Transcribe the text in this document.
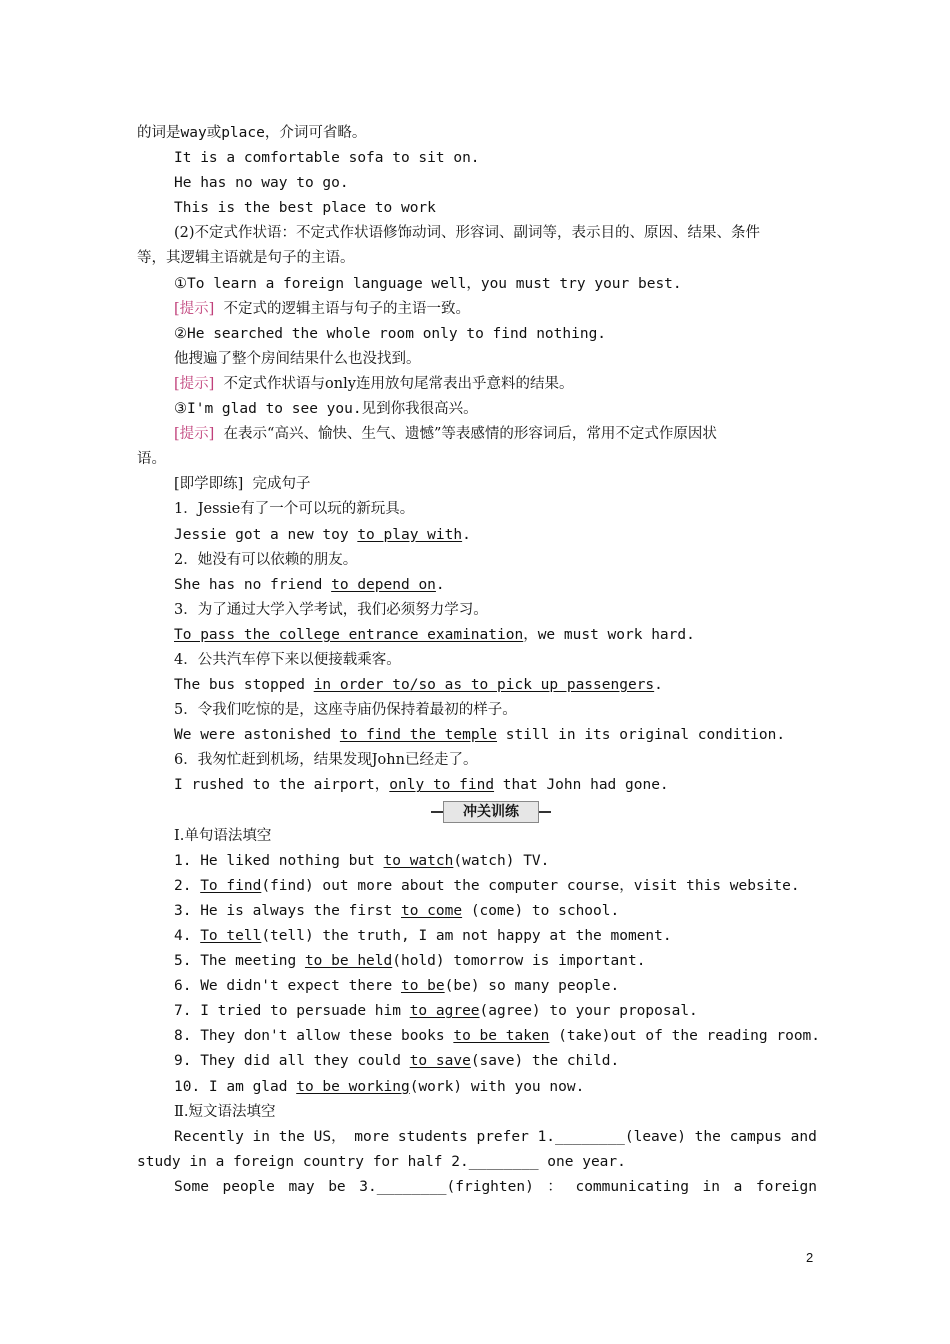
的词是way或place，介词可省略。
It is a comfortable sofa to sit on.
He has no way to go.
This is the best place to work
(2)不定式作状语：不定式作状语修饰动词、形容词、副词等，表示目的、原因、结果、条件
等，其逻辑主语就是句子的主语。
①To learn a foreign language well，you must try your best.
[提示]  不定式的逻辑主语与句子的主语一致。
②He searched the whole room only to find nothing.
他搜遍了整个房间结果什么也没找到。
[提示]  不定式作状语与only连用放句尾常表出乎意料的结果。
③I'm glad to see you.见到你我很高兴。
[提示]  在表示“高兴、愉快、生气、遗憾”等表感情的形容词后，常用不定式作原因状
语。
[即学即练]  完成句子
1．Jessie有了一个可以玩的新玩具。
Jessie got a new toy to play with.
2．她没有可以依赖的朋友。
She has no friend to depend on.
3．为了通过大学入学考试，我们必须努力学习。
To pass the college entrance examination，we must work hard.
4．公共汽车停下来以便接载乘客。
The bus stopped in order to/so as to pick up passengers.
5．令我们吃惊的是，这座寺庙仍保持着最初的样子。
We were astonished to find the temple still in its original condition.
6．我匆忙赶到机场，结果发现John已经走了。
I rushed to the airport，only to find that John had gone.

冲关训练

Ⅰ.单句语法填空
1. He liked nothing but to watch(watch) TV.
2. To find(find) out more about the computer course，visit this website.
3. He is always the first to come (come) to school.
4. To tell(tell) the truth, I am not happy at the moment.
5. The meeting to be held(hold) tomorrow is important.
6. We didn't expect there to be(be) so many people.
7. I tried to persuade him to agree(agree) to your proposal.
8. They don't allow these books to be taken (take)out of the reading room.
9. They did all they could to save(save) the child.
10. I am glad to be working(work) with you now.
Ⅱ.短文语法填空
Recently in the US， more students prefer 1.________(leave) the campus and
study in a foreign country for half 2.________ one year.
Some people may be 3.________(frighten) ： communicating in a foreign
2
